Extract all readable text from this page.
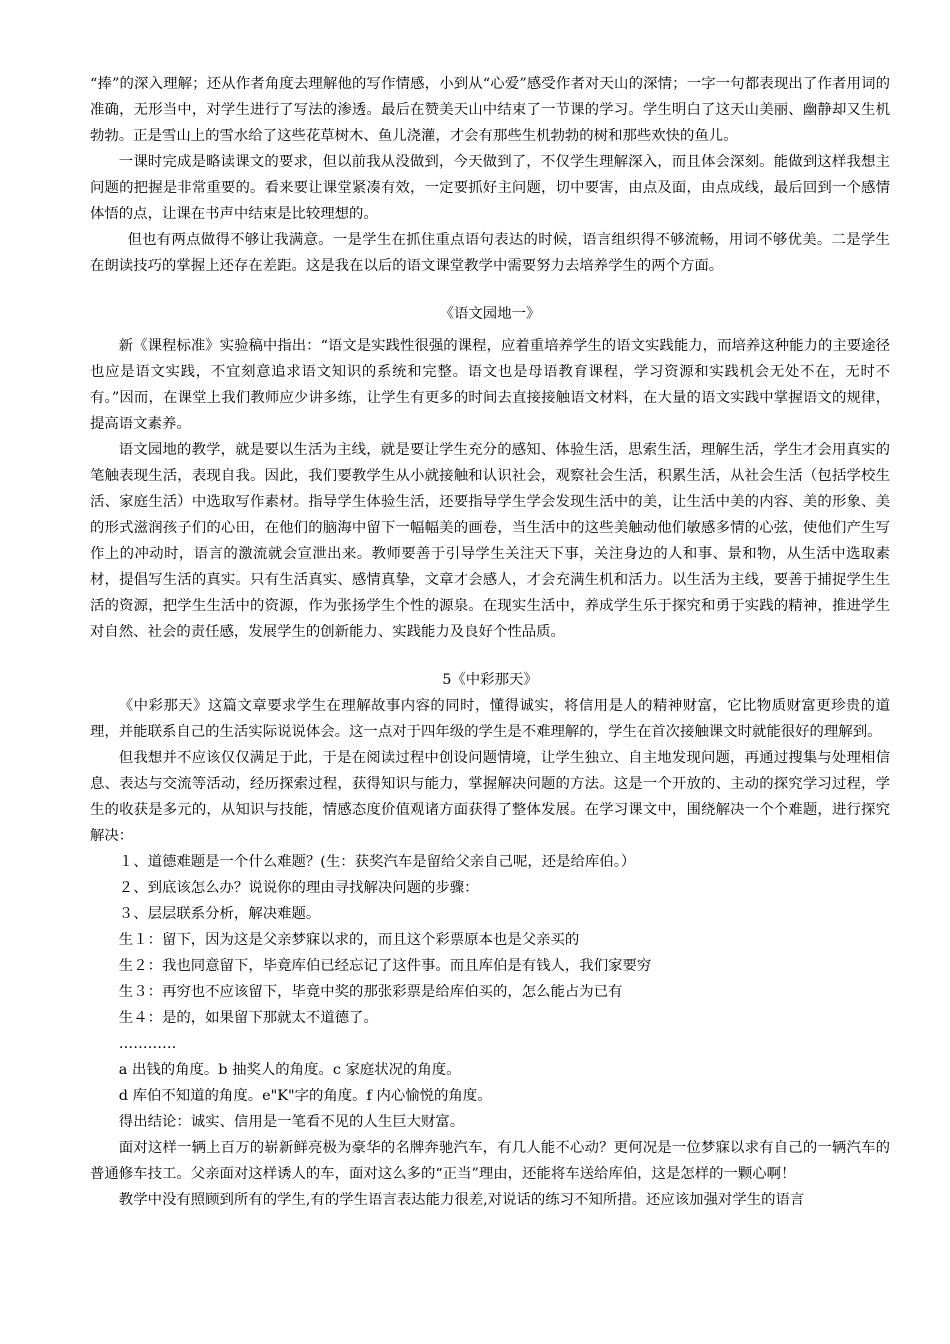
“捧”的深入理解；还从作者角度去理解他的写作情感，小到从“心爱”感受作者对天山的深情；一字一句都表现出了作者用词的准确，无形当中，对学生进行了写法的渗透。最后在赞美天山中结束了一节课的学习。学生明白了这天山美丽、幽静却又生机勃勃。正是雪山上的雪水给了这些花草树木、鱼儿浇灌，才会有那些生机勃勃的树和那些欢快的鱼儿。

一课时完成是略读课文的要求，但以前我从没做到，今天做到了，不仅学生理解深入，而且体会深刻。能做到这样我想主问题的把握是非常重要的。看来要让课堂紧凑有效，一定要抓好主问题，切中要害，由点及面，由点成线，最后回到一个感情体悟的点，让课在书声中结束是比较理想的。

但也有两点做得不够让我满意。一是学生在抓住重点语句表达的时候，语言组织得不够流畅，用词不够优美。二是学生在朗读技巧的掌握上还存在差距。这是我在以后的语文课堂教学中需要努力去培养学生的两个方面。

《语文园地一》

新《课程标准》实验稿中指出：“语文是实践性很强的课程，应着重培养学生的语文实践能力，而培养这种能力的主要途径也应是语文实践，不宜刻意追求语文知识的系统和完整。语文也是母语教育课程，学习资源和实践机会无处不在，无时不有。”因而，在课堂上我们教师应少讲多练，让学生有更多的时间去直接接触语文材料，在大量的语文实践中掌握语文的规律，提高语文素养。

语文园地的教学，就是要以生活为主线，就是要让学生充分的感知、体验生活，思索生活，理解生活，学生才会用真实的笔触表现生活，表现自我。因此，我们要教学生从小就接触和认识社会，观察社会生活，积累生活，从社会生活（包括学校生活、家庭生活）中选取写作素材。指导学生体验生活，还要指导学生学会发现生活中的美，让生活中美的内容、美的形象、美的形式滋润孩子们的心田，在他们的脑海中留下一幅幅美的画卷，当生活中的这些美触动他们敏感多情的心弦，使他们产生写作上的冲动时，语言的激流就会宣泄出来。教师要善于引导学生关注天下事，关注身边的人和事、景和物，从生活中选取素材，提倡写生活的真实。只有生活真实、感情真挚，文章才会感人，才会充满生机和活力。以生活为主线，要善于捕捉学生生活的资源，把学生生活中的资源，作为张扬学生个性的源泉。在现实生活中，养成学生乐于探究和勇于实践的精神，推进学生对自然、社会的责任感，发展学生的创新能力、实践能力及良好个性品质。

5《中彩那天》

《中彩那天》这篇文章要求学生在理解故事内容的同时，懂得诚实，将信用是人的精神财富，它比物质财富更珍贵的道理，并能联系自己的生活实际说说体会。这一点对于四年级的学生是不难理解的，学生在首次接触课文时就能很好的理解到。

但我想并不应该仅仅满足于此，于是在阅读过程中创设问题情境，让学生独立、自主地发现问题，再通过搜集与处理相信息、表达与交流等活动，经历探索过程，获得知识与能力，掌握解决问题的方法。这是一个开放的、主动的探究学习过程，学生的收获是多元的，从知识与技能，情感态度价值观诸方面获得了整体发展。在学习课文中，围绕解决一个个难题，进行探究解决：

１、道德难题是一个什么难题？(生：获奖汽车是留给父亲自己呢，还是给库伯。）

２、到底该怎么办？说说你的理由寻找解决问题的步骤：

３、层层联系分析，解决难题。

生１：留下，因为这是父亲梦寐以求的，而且这个彩票原本也是父亲买的

生２：我也同意留下，毕竟库伯已经忘记了这件事。而且库伯是有钱人，我们家要穷

生３：再穷也不应该留下，毕竟中奖的那张彩票是给库伯买的，怎么能占为已有

生４：是的，如果留下那就太不道德了。

…………

a 出钱的角度。b 抽奖人的角度。c 家庭状况的角度。

d 库伯不知道的角度。e"K"字的角度。f 内心愉悦的角度。

得出结论：诚实、信用是一笔看不见的人生巨大财富。

面对这样一辆上百万的崭新鲜亮极为豪华的名牌奔驰汽车，有几人能不心动？更何况是一位梦寐以求有自己的一辆汽车的普通修车技工。父亲面对这样诱人的车，面对这么多的“正当”理由，还能将车送给库伯，这是怎样的一颗心啊！

教学中没有照顾到所有的学生,有的学生语言表达能力很差,对说话的练习不知所措。还应该加强对学生的语言
